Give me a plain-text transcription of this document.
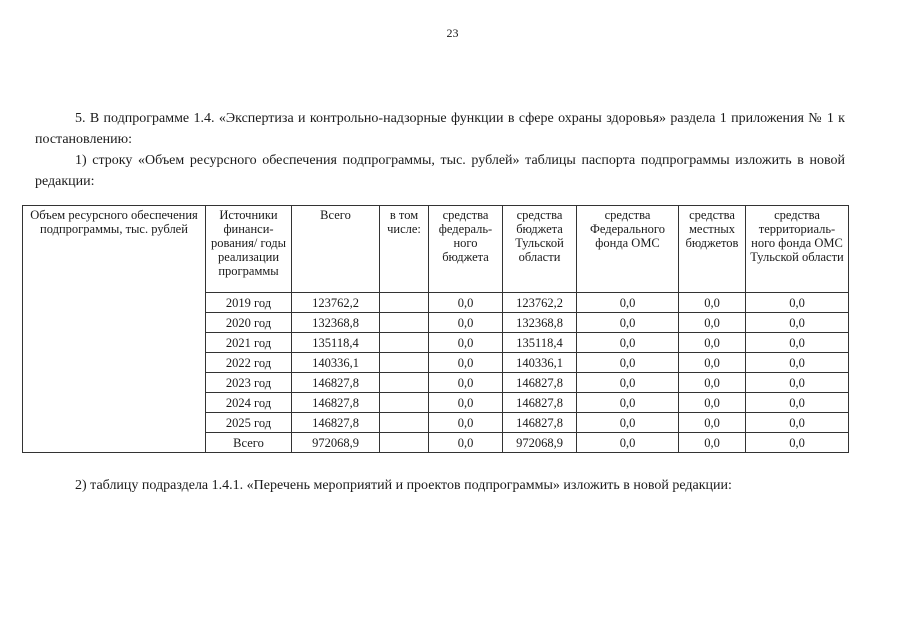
23
5. В подпрограмме 1.4. «Экспертиза и контрольно-надзорные функции в сфере охраны здоровья» раздела 1 приложения № 1 к постановлению:
1) строку «Объем ресурсного обеспечения подпрограммы, тыс. рублей» таблицы паспорта подпрограммы изложить в новой редакции:
Объем ресурсного обеспечения подпрограммы, тыс. рублей	Источники финанси-рования/ годы реализации программы	Всего	в том числе:	средства федераль-ного бюджета	средства бюджета Тульской области	средства Федерального фонда ОМС	средства местных бюджетов	средства территориаль-ного фонда ОМС Тульской области
	2019 год	123762,2		0,0	123762,2	0,0	0,0	0,0
	2020 год	132368,8		0,0	132368,8	0,0	0,0	0,0
	2021 год	135118,4		0,0	135118,4	0,0	0,0	0,0
	2022 год	140336,1		0,0	140336,1	0,0	0,0	0,0
	2023 год	146827,8		0,0	146827,8	0,0	0,0	0,0
	2024 год	146827,8		0,0	146827,8	0,0	0,0	0,0
	2025 год	146827,8		0,0	146827,8	0,0	0,0	0,0
	Всего	972068,9		0,0	972068,9	0,0	0,0	0,0
2) таблицу подраздела 1.4.1. «Перечень мероприятий и проектов подпрограммы» изложить в новой редакции:
